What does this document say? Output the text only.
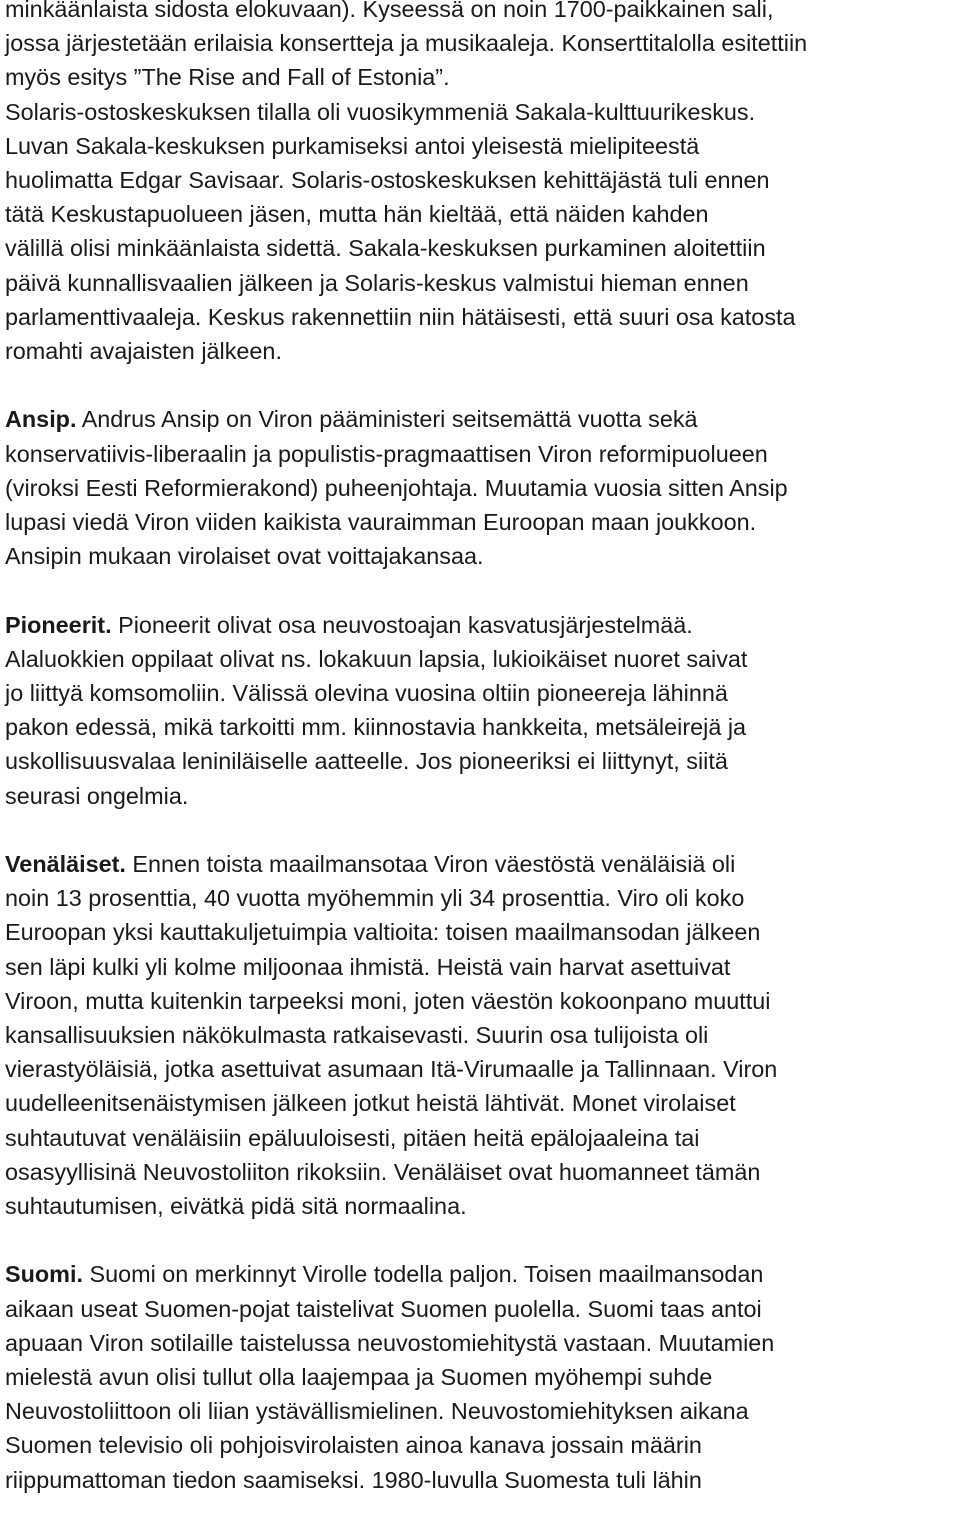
minkäänlaista sidosta elokuvaan). Kyseessä on noin 1700-paikkainen sali,
jossa järjestetään erilaisia konsertteja ja musikaaleja. Konserttitalolla esitettiin
myös esitys ”The Rise and Fall of Estonia”.
Solaris-ostoskeskuksen tilalla oli vuosikymmeniä Sakala-kulttuurikeskus.
Luvan Sakala-keskuksen purkamiseksi antoi yleisestä mielipiteestä
huolimatta Edgar Savisaar. Solaris-ostoskeskuksen kehittäjästä tuli ennen
tätä Keskustapuolueen jäsen, mutta hän kieltää, että näiden kahden
välillä olisi minkäänlaista sidettä. Sakala-keskuksen purkaminen aloitettiin
päivä kunnallisvaalien jälkeen ja Solaris-keskus valmistui hieman ennen
parlamenttivaaleja. Keskus rakennettiin niin hätäisesti, että suuri osa katosta
romahti avajaisten jälkeen.

Ansip. Andrus Ansip on Viron pääministeri seitsemättä vuotta sekä
konservatiivis-liberaalin ja populistis-pragmaattisen Viron reformipuolueen
(viroksi Eesti Reformierakond) puheenjohtaja. Muutamia vuosia sitten Ansip
lupasi viedä Viron viiden kaikista vauraimman Euroopan maan joukkoon.
Ansipin mukaan virolaiset ovat voittajakansaa.

Pioneerit. Pioneerit olivat osa neuvostoajan kasvatusjärjestelmää.
Alaluokkien oppilaat olivat ns. lokakuun lapsia, lukioikäiset nuoret saivat
jo liittyä komsomoliin. Välissä olevina vuosina oltiin pioneereja lähinnä
pakon edessä, mikä tarkoitti mm. kiinnostavia hankkeita, metsäleirejä ja
uskollisuusvalaa leniniläiselle aatteelle. Jos pioneeriksi ei liittynyt, siitä
seurasi ongelmia.

Venäläiset. Ennen toista maailmansotaa Viron väestöstä venäläisiä oli
noin 13 prosenttia, 40 vuotta myöhemmin yli 34 prosenttia. Viro oli koko
Euroopan yksi kauttakuljetuimpia valtioita: toisen maailmansodan jälkeen
sen läpi kulki yli kolme miljoonaa ihmistä. Heistä vain harvat asettuivat
Viroon, mutta kuitenkin tarpeeksi moni, joten väestön kokoonpano muuttui
kansallisuuksien näkökulmasta ratkaisevasti. Suurin osa tulijoista oli
vierastyöläisiä, jotka asettuivat asumaan Itä-Virumaalle ja Tallinnaan. Viron
uudelleenitsenäistymisen jälkeen jotkut heistä lähtivät. Monet virolaiset
suhtautuvat venäläisiin epäluuloisesti, pitäen heitä epälojaaleina tai
osasyyllisinä Neuvostoliiton rikoksiin. Venäläiset ovat huomanneet tämän
suhtautumisen, eivätkä pidä sitä normaalina.

Suomi. Suomi on merkinnyt Virolle todella paljon. Toisen maailmansodan
aikaan useat Suomen-pojat taistelivat Suomen puolella. Suomi taas antoi
apuaan Viron sotilaille taistelussa neuvostomiehitystä vastaan. Muutamien
mielestä avun olisi tullut olla laajempaa ja Suomen myöhempi suhde
Neuvostoliittoon oli liian ystävällismielinen. Neuvostomiehityksen aikana
Suomen televisio oli pohjoisvirolaisten ainoa kanava jossain määrin
riippumattoman tiedon saamiseksi. 1980-luvulla Suomesta tuli lähin
